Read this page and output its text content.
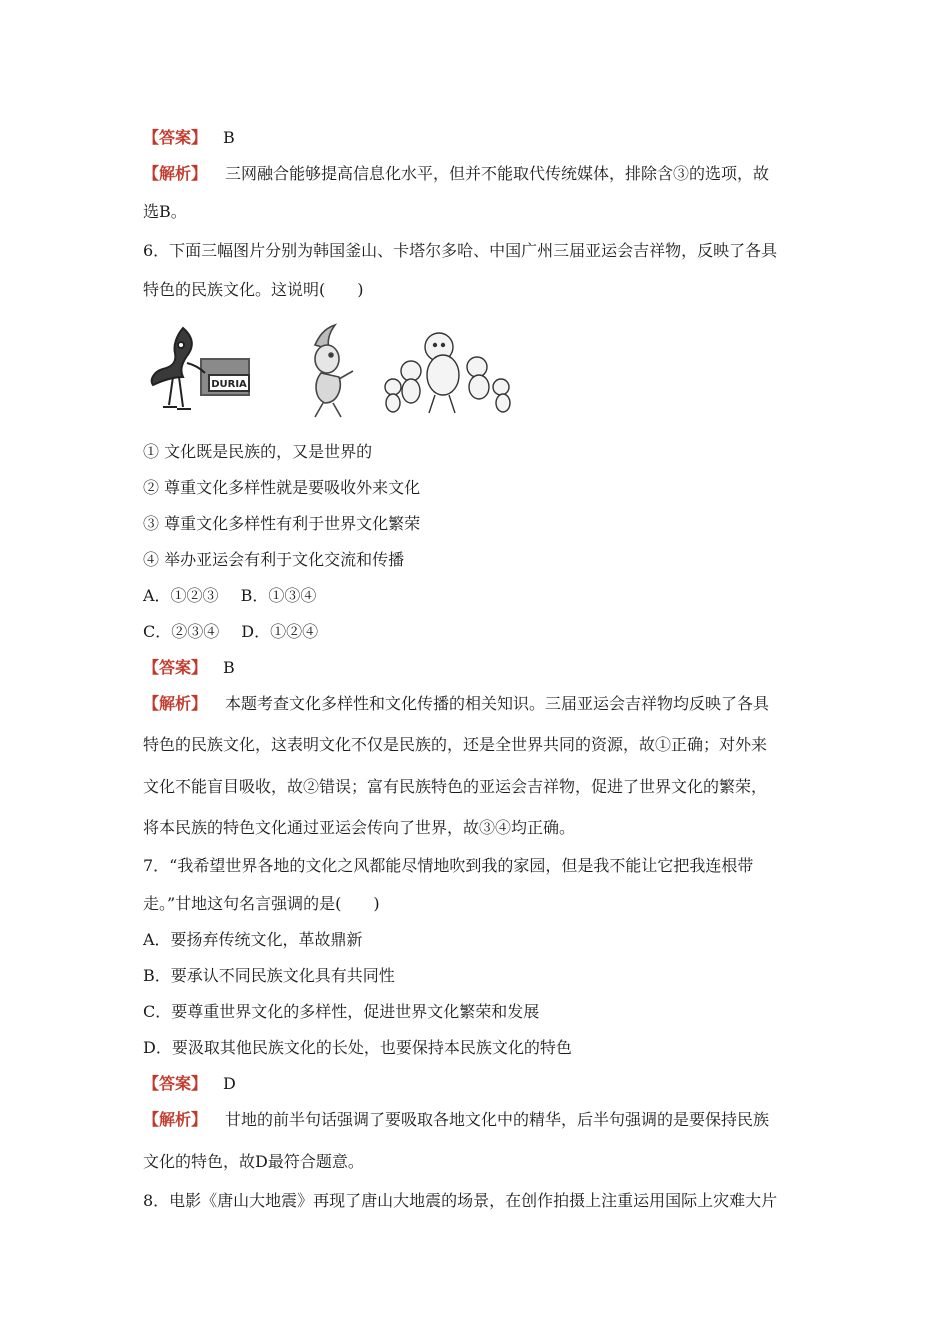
【答案】 B
【解析】 三网融合能够提高信息化水平，但并不能取代传统媒体，排除含③的选项，故
选B。
6．下面三幅图片分别为韩国釜山、卡塔尔多哈、中国广州三届亚运会吉祥物，反映了各具
特色的民族文化。这说明(　　)
DURIA
① 文化既是民族的，又是世界的
② 尊重文化多样性就是要吸收外来文化
③ 尊重文化多样性有利于世界文化繁荣
④ 举办亚运会有利于文化交流和传播
A．①②③ B．①③④
C．②③④ D．①②④
【答案】 B
【解析】 本题考查文化多样性和文化传播的相关知识。三届亚运会吉祥物均反映了各具
特色的民族文化，这表明文化不仅是民族的，还是全世界共同的资源，故①正确；对外来
文化不能盲目吸收，故②错误；富有民族特色的亚运会吉祥物，促进了世界文化的繁荣，
将本民族的特色文化通过亚运会传向了世界，故③④均正确。
7．“我希望世界各地的文化之风都能尽情地吹到我的家园，但是我不能让它把我连根带
走。”甘地这句名言强调的是(　　)
A．要扬弃传统文化，革故鼎新
B．要承认不同民族文化具有共同性
C．要尊重世界文化的多样性，促进世界文化繁荣和发展
D．要汲取其他民族文化的长处，也要保持本民族文化的特色
【答案】 D
【解析】 甘地的前半句话强调了要吸取各地文化中的精华，后半句强调的是要保持民族
文化的特色，故D最符合题意。
8．电影《唐山大地震》再现了唐山大地震的场景，在创作拍摄上注重运用国际上灾难大片
